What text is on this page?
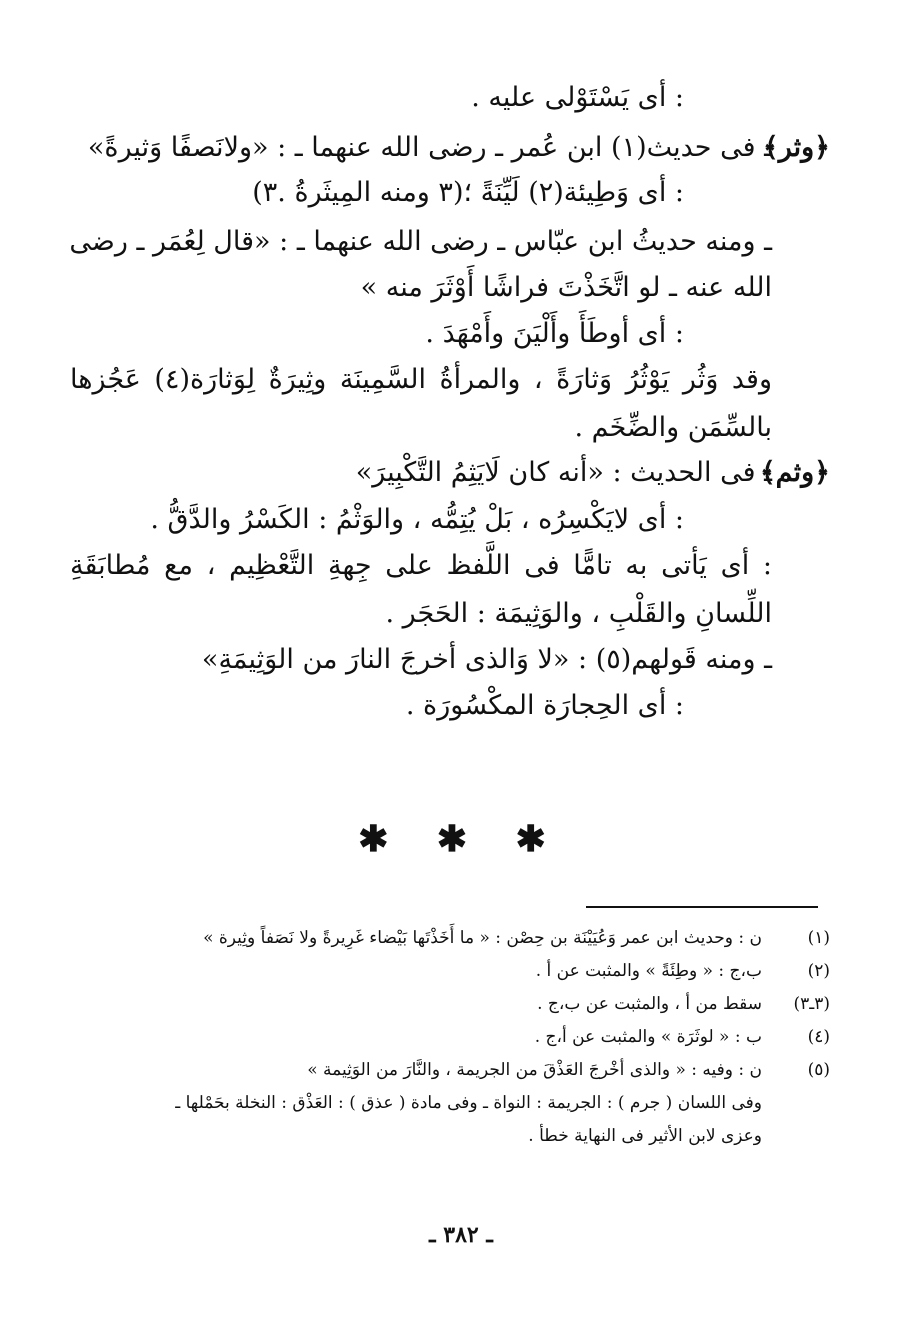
: أى يَسْتَوْلى عليه .
﴿وثر﴾
ـ فى حديث(١) ابن عُمر ـ رضى الله عنهما ـ : «ولانَصفًا وَثيرةً»
: أى وَطِيئة(٢) لَيِّنَةً ؛(٣ ومنه المِيثَرةُ .٣)
ـ ومنه حديثُ ابن عبّاس ـ رضى الله عنهما ـ : «قال لِعُمَر ـ رضى
الله عنه ـ لو اتَّخَذْتَ فراشًا أَوْثَرَ منه »
: أى أوطَأَ وأَلْيَنَ وأَمْهَدَ .
وقد وَثُر يَوْثُرُ وَثارَةً ، والمرأةُ السَّمِينَة وثِيرَةٌ لِوَثارَة(٤) عَجُزها
بالسِّمَن والضِّخَم .
﴿وثم﴾
ـ فى الحديث : «أنه كان لَايَثِمُ التَّكْبِيرَ»
: أى لايَكْسِرُه ، بَلْ يُتِمُّه ، والوَثْمُ : الكَسْرُ والدَّقُّ .
: أى يَأتى به تامًّا فى اللَّفظ على جِهةِ التَّعْظِيم ، مع مُطابَقَةِ
اللِّسانِ والقَلْبِ ، والوَثِيمَة : الحَجَر .
ـ ومنه قَولهم(٥) : «لا وَالذى أخرجَ النارَ من الوَثِيمَةِ»
: أى الحِجارَة المكْسُورَة .
✱ ✱ ✱
(١)
ن : وحديث ابن عمر وَعُيَيْنَة بن حِصْن : « ما أَخَذْتَها بَيْضاء غَرِيرةً ولا نَصَفاً وثِيرة »
(٢)
ب،ج : « وطِئَةً » والمثبت عن أ .
(٣ـ٣)
سقط من أ ، والمثبت عن ب،ج .
(٤)
ب : « لوثَرَة » والمثبت عن أ،ج .
(٥)
ن : وفيه : « والذى أخْرجَ العَذْقَ من الجريمة ، والنَّارَ من الوَثِيمة »
وفى اللسان ( جرم ) : الجريمة : النواة ـ وفى مادة ( عذق ) : العَذْق : النخلة بحَمْلها ـ
وعزى لابن الأثير فى النهاية خطأ .
ـ ٣٨٢ ـ
